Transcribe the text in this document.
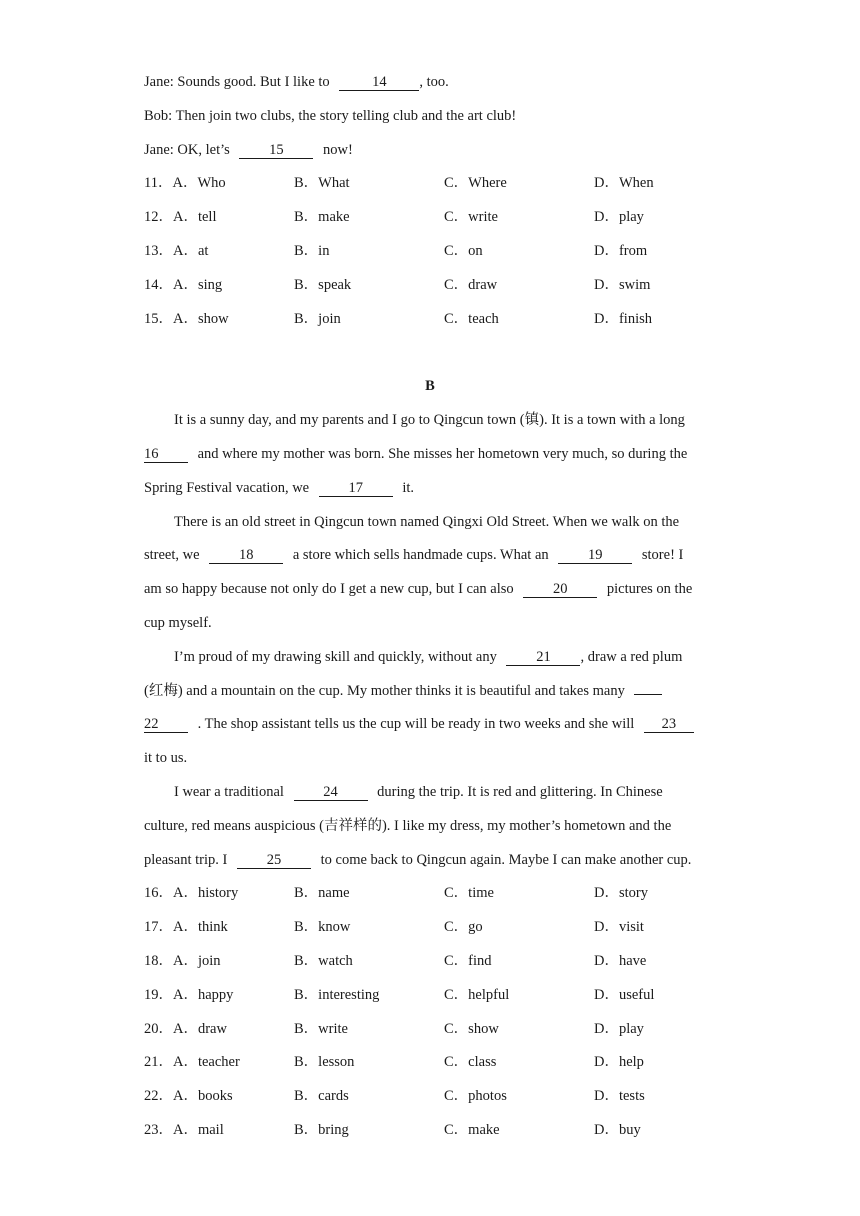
Jane: Sounds good. But I like to	14 , too.
Bob: Then join two clubs, the story telling club and the art club!
Jane: OK, let’s	15	now!
11．A．Who	B．What	C．Where	D．When
12．A．tell	B．make	C．write	D．play
13．A．at	B．in	C．on	D．from
14．A．sing	B．speak	C．draw	D．swim
15．A．show	B．join	C．teach	D．finish
B
It is a sunny day, and my parents and I go to Qingcun town (镇). It is a town with a long
16	and where my mother was born. She misses her hometown very much, so during the
Spring Festival vacation, we	17	it.
There is an old street in Qingcun town named Qingxi Old Street. When we walk on the
street, we	18	a store which sells handmade cups. What an	19	store! I
am so happy because not only do I get a new cup, but I can also	20	pictures on the
cup myself.
I’m proud of my drawing skill and quickly, without any	21 , draw a red plum
(红梅) and a mountain on the cup. My mother thinks it is beautiful and takes many
22	. The shop assistant tells us the cup will be ready in two weeks and she will 23
it to us.
I wear a traditional	24	during the trip. It is red and glittering. In Chinese
culture, red means auspicious (吉祥样的). I like my dress, my mother’s hometown and the
pleasant trip. I	25	to come back to Qingcun again. Maybe I can make another cup.
16．A．history	B．name	C．time	D．story
17．A．think	B．know	C．go	D．visit
18．A．join	B．watch	C．find	D．have
19．A．happy	B．interesting	C．helpful	D．useful
20．A．draw	B．write	C．show	D．play
21．A．teacher	B．lesson	C．class	D．help
22．A．books	B．cards	C．photos	D．tests
23．A．mail	B．bring	C．make	D．buy
